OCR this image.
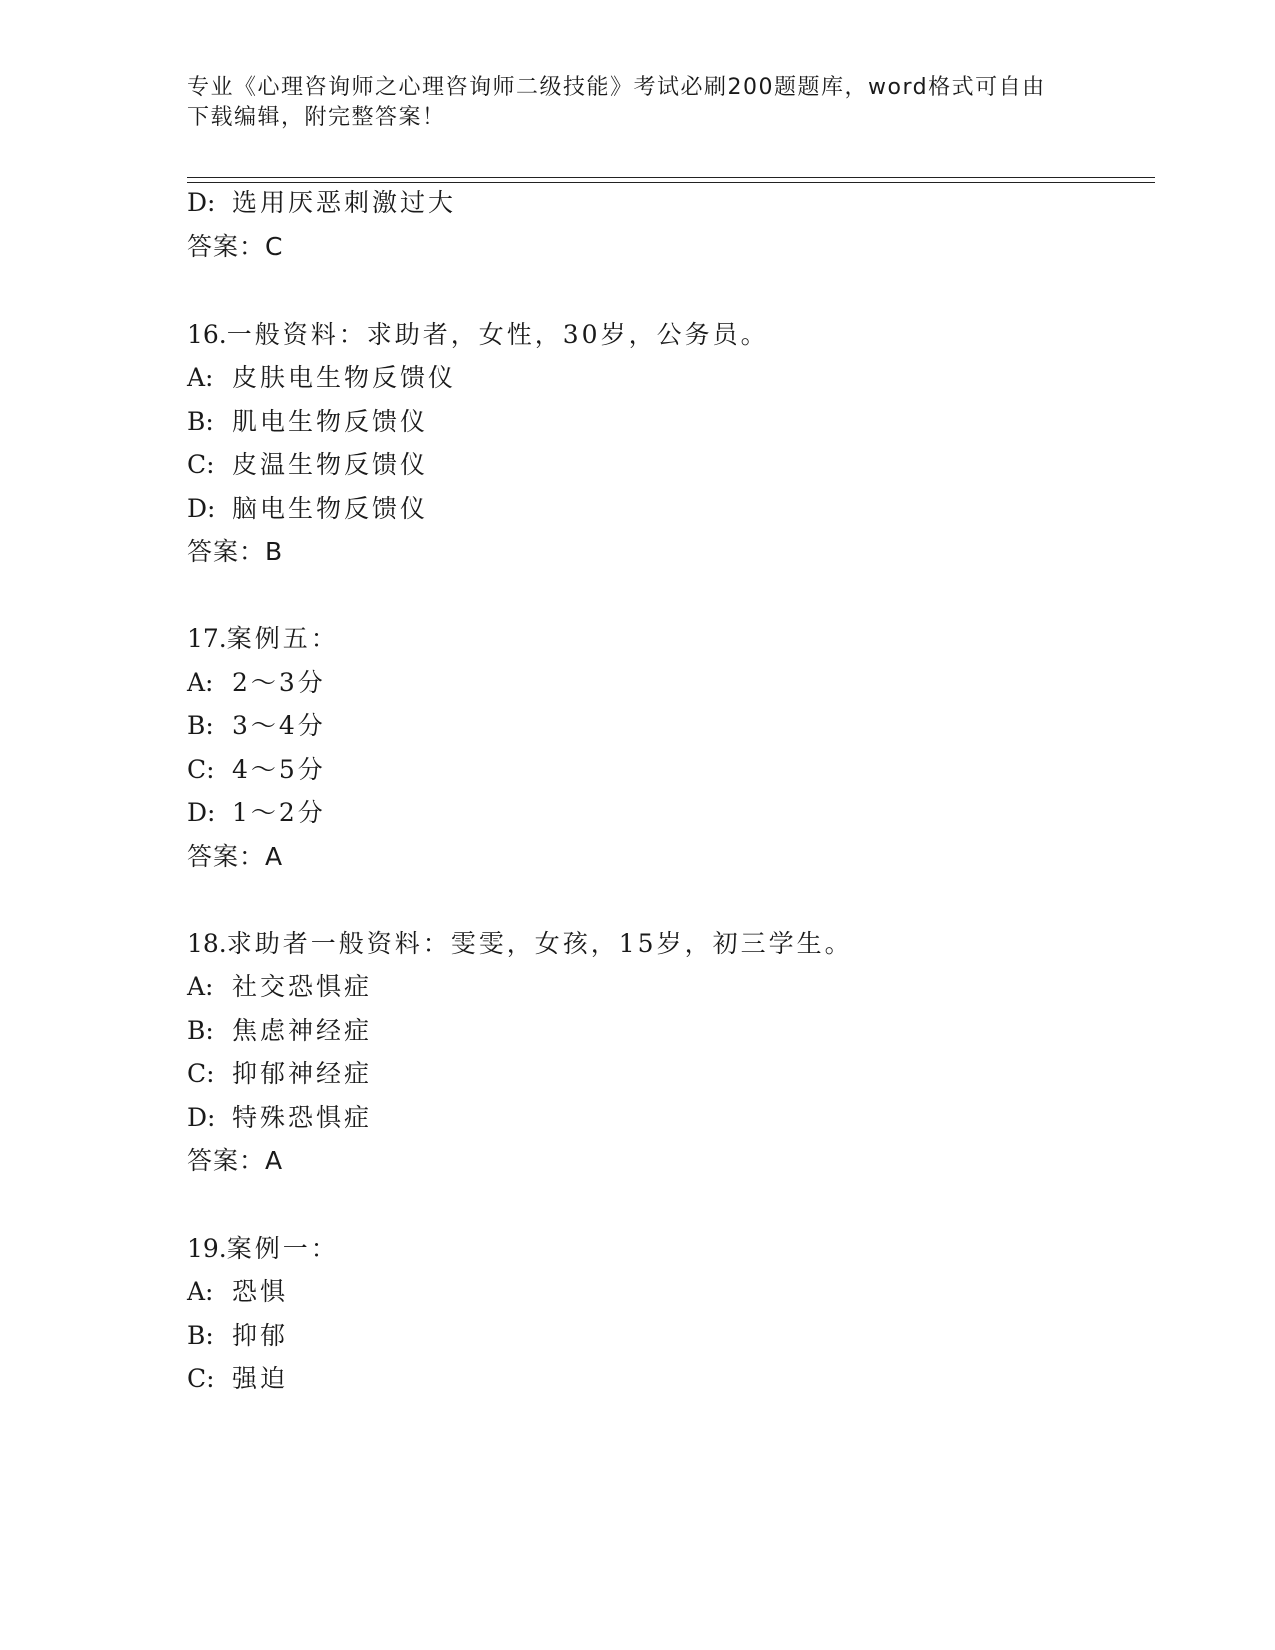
专业《心理咨询师之心理咨询师二级技能》考试必刷200题题库，word格式可自由下载编辑，附完整答案！
D: 选用厌恶刺激过大
答案：C
16.一般资料：求助者，女性，30岁，公务员。
A: 皮肤电生物反馈仪
B: 肌电生物反馈仪
C: 皮温生物反馈仪
D: 脑电生物反馈仪
答案：B
17.案例五：
A: 2～3分
B: 3～4分
C: 4～5分
D: 1～2分
答案：A
18.求助者一般资料：雯雯，女孩，15岁，初三学生。
A: 社交恐惧症
B: 焦虑神经症
C: 抑郁神经症
D: 特殊恐惧症
答案：A
19.案例一：
A: 恐惧
B: 抑郁
C: 强迫
